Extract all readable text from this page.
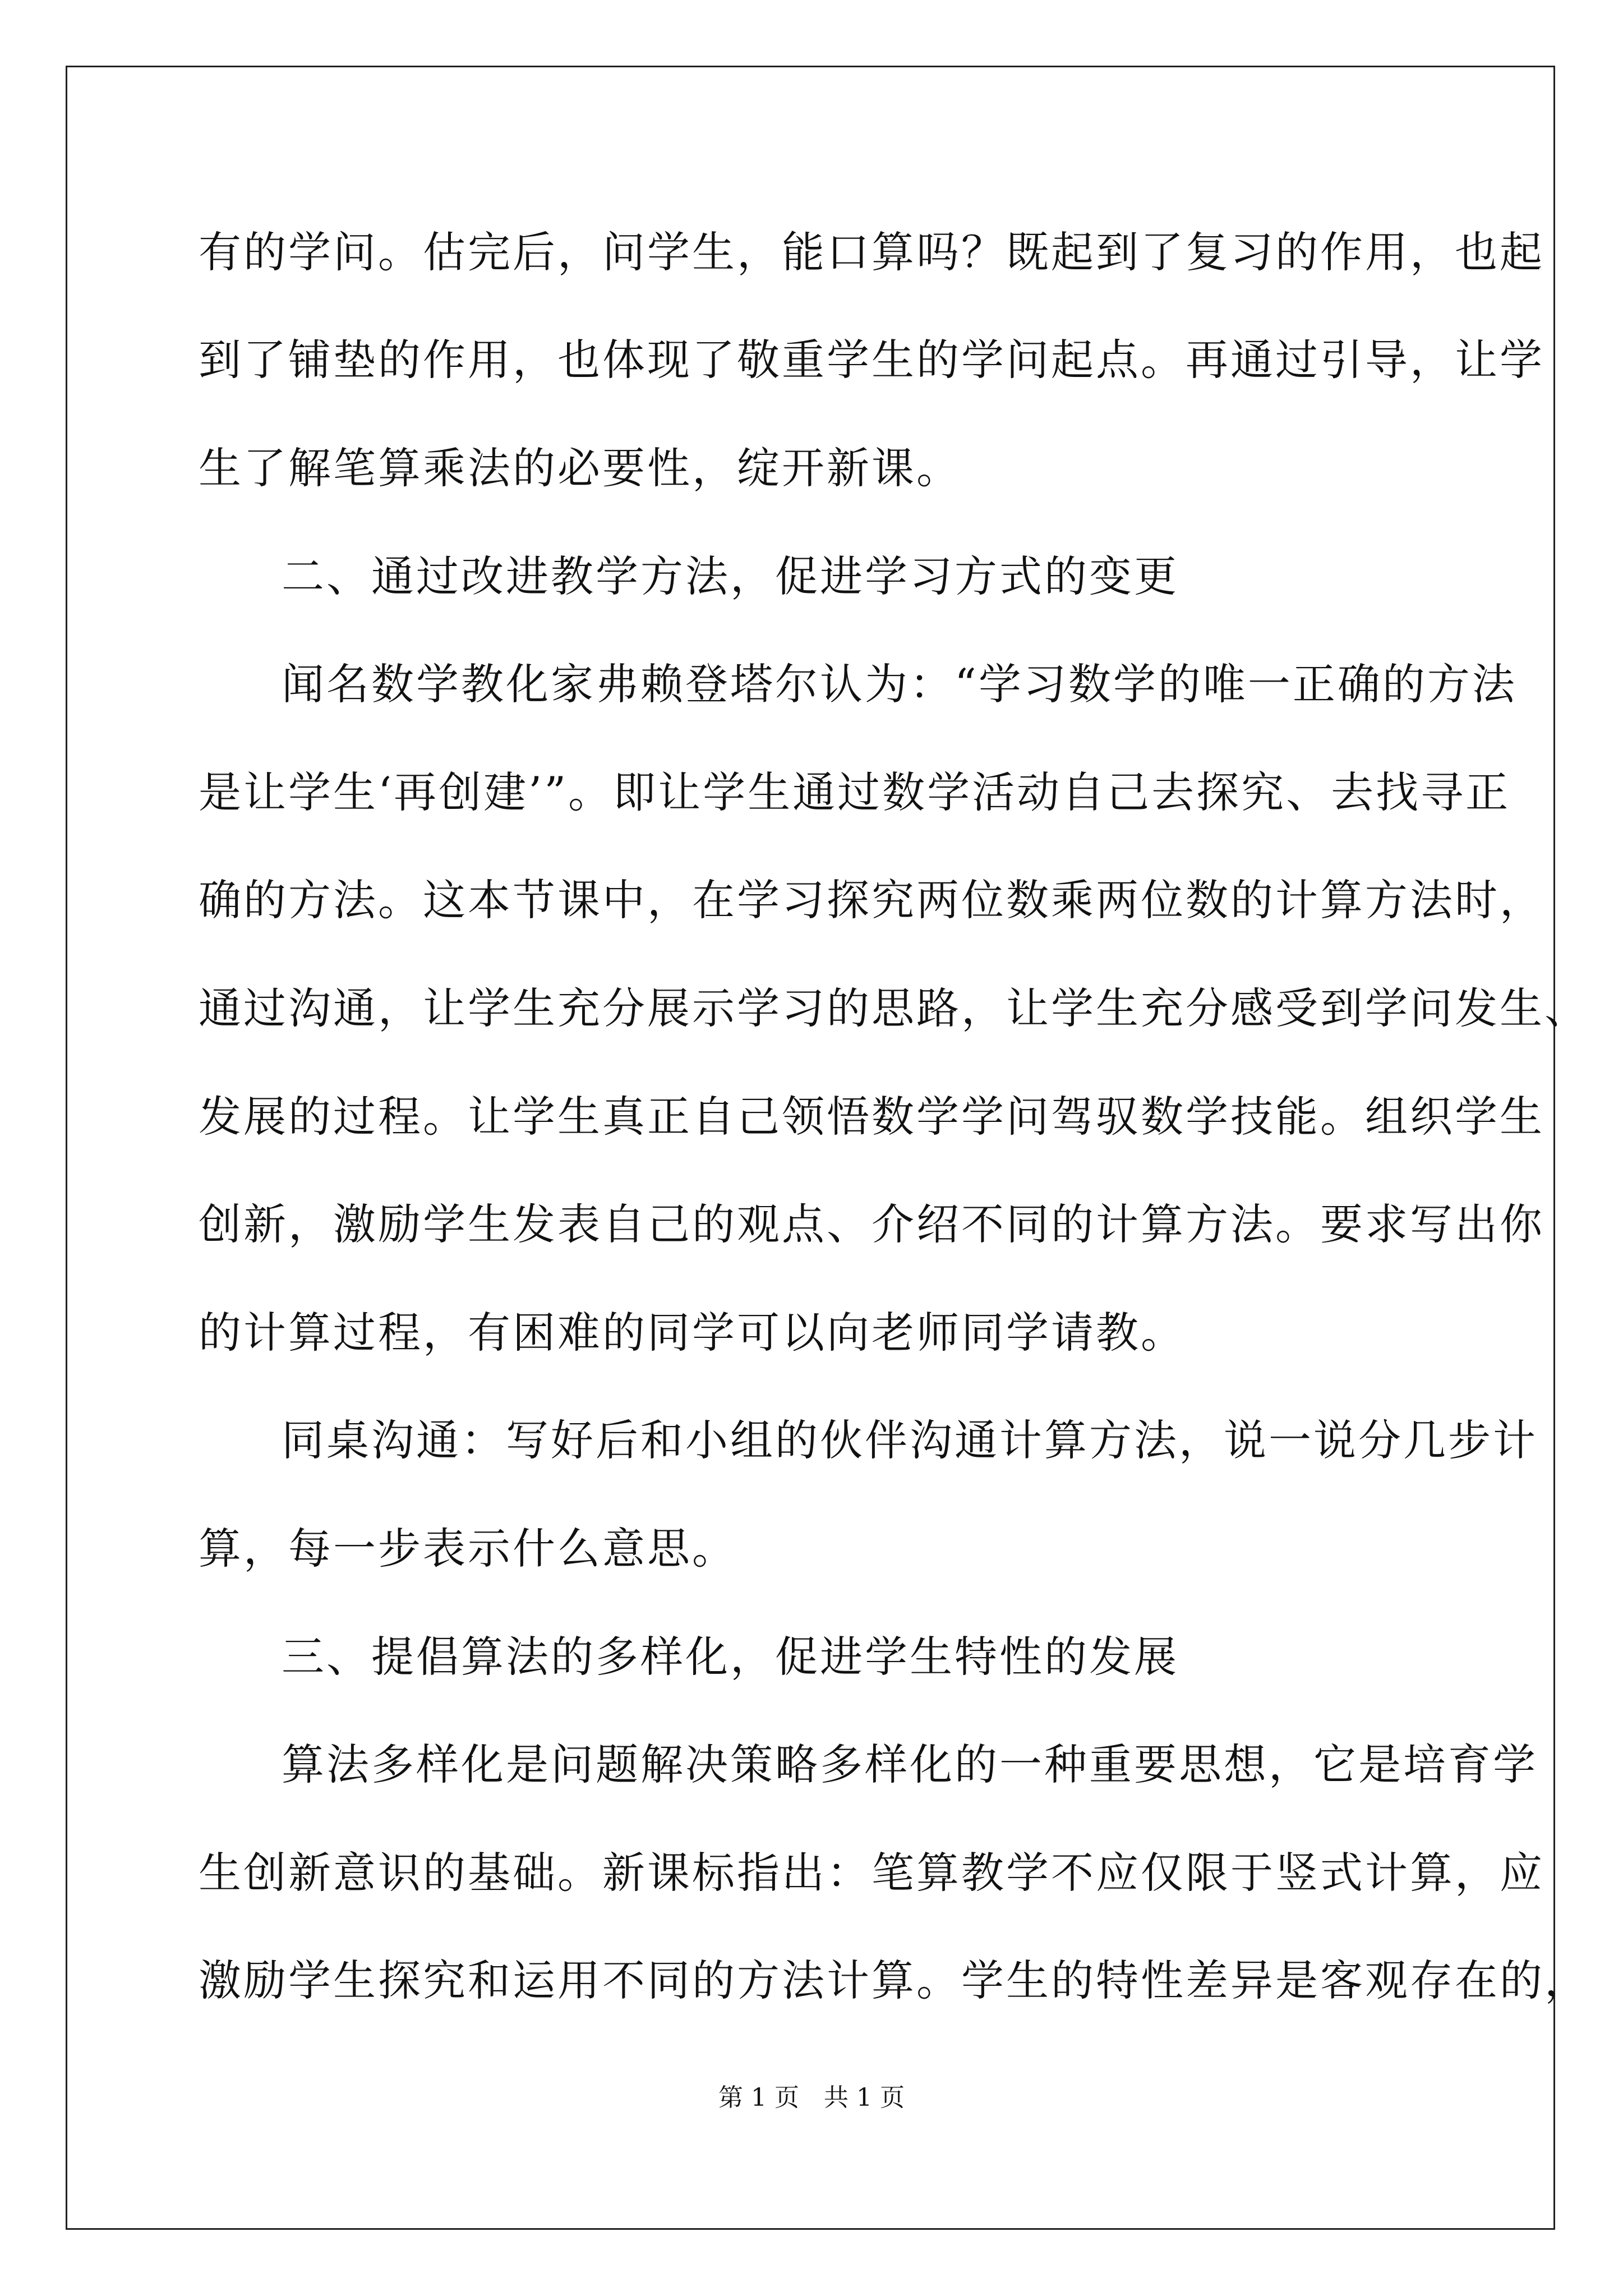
有的学问。估完后，问学生，能口算吗？既起到了复习的作用，也起
到了铺垫的作用，也体现了敬重学生的学问起点。再通过引导，让学
生了解笔算乘法的必要性，绽开新课。
二、通过改进教学方法，促进学习方式的变更
闻名数学教化家弗赖登塔尔认为：“学习数学的唯一正确的方法
是让学生‘再创建’”。即让学生通过数学活动自己去探究、去找寻正
确的方法。这本节课中，在学习探究两位数乘两位数的计算方法时，
通过沟通，让学生充分展示学习的思路，让学生充分感受到学问发生、
发展的过程。让学生真正自己领悟数学学问驾驭数学技能。组织学生
创新，激励学生发表自己的观点、介绍不同的计算方法。要求写出你
的计算过程，有困难的同学可以向老师同学请教。
同桌沟通：写好后和小组的伙伴沟通计算方法，说一说分几步计
算，每一步表示什么意思。
三、提倡算法的多样化，促进学生特性的发展
算法多样化是问题解决策略多样化的一种重要思想，它是培育学
生创新意识的基础。新课标指出：笔算教学不应仅限于竖式计算，应
激励学生探究和运用不同的方法计算。学生的特性差异是客观存在的，
第 1 页　共 1 页
